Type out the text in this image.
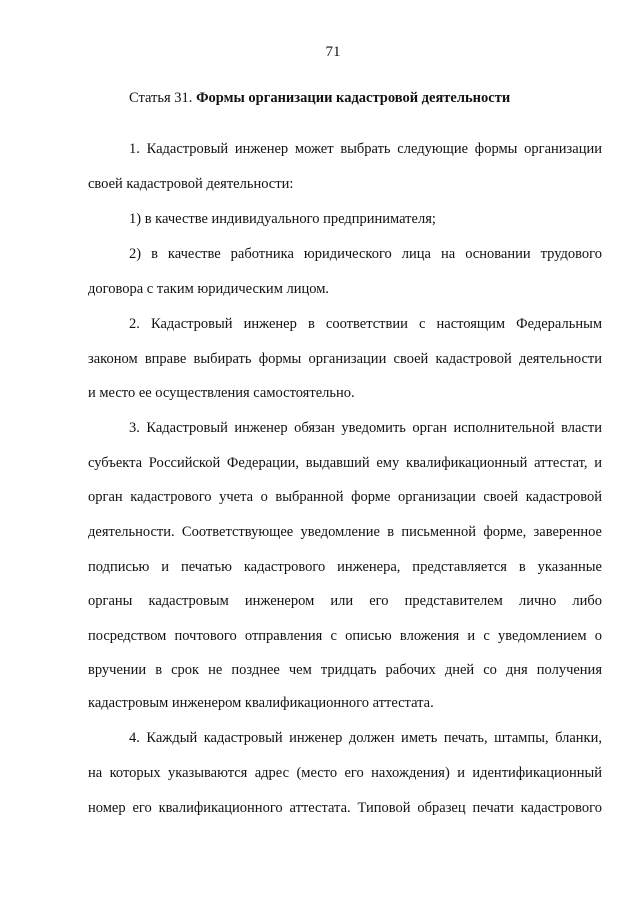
71
Статья 31. Формы организации кадастровой деятельности
1. Кадастровый инженер может выбрать следующие формы организации
своей кадастровой деятельности:
1) в качестве индивидуального предпринимателя;
2) в качестве работника юридического лица на основании трудового
договора с таким юридическим лицом.
2. Кадастровый инженер в соответствии с настоящим Федеральным
законом вправе выбирать формы организации своей кадастровой деятельности
и место ее осуществления самостоятельно.
3. Кадастровый инженер обязан уведомить орган исполнительной власти
субъекта Российской Федерации, выдавший ему квалификационный аттестат, и
орган кадастрового учета о выбранной форме организации своей кадастровой
деятельности. Соответствующее уведомление в письменной форме, заверенное
подписью и печатью кадастрового инженера, представляется в указанные
органы кадастровым инженером или его представителем лично либо
посредством почтового отправления с описью вложения и с уведомлением о
вручении в срок не позднее чем тридцать рабочих дней со дня получения
кадастровым инженером квалификационного аттестата.
4. Каждый кадастровый инженер должен иметь печать, штампы, бланки,
на которых указываются адрес (место его нахождения) и идентификационный
номер его квалификационного аттестата. Типовой образец печати кадастрового
